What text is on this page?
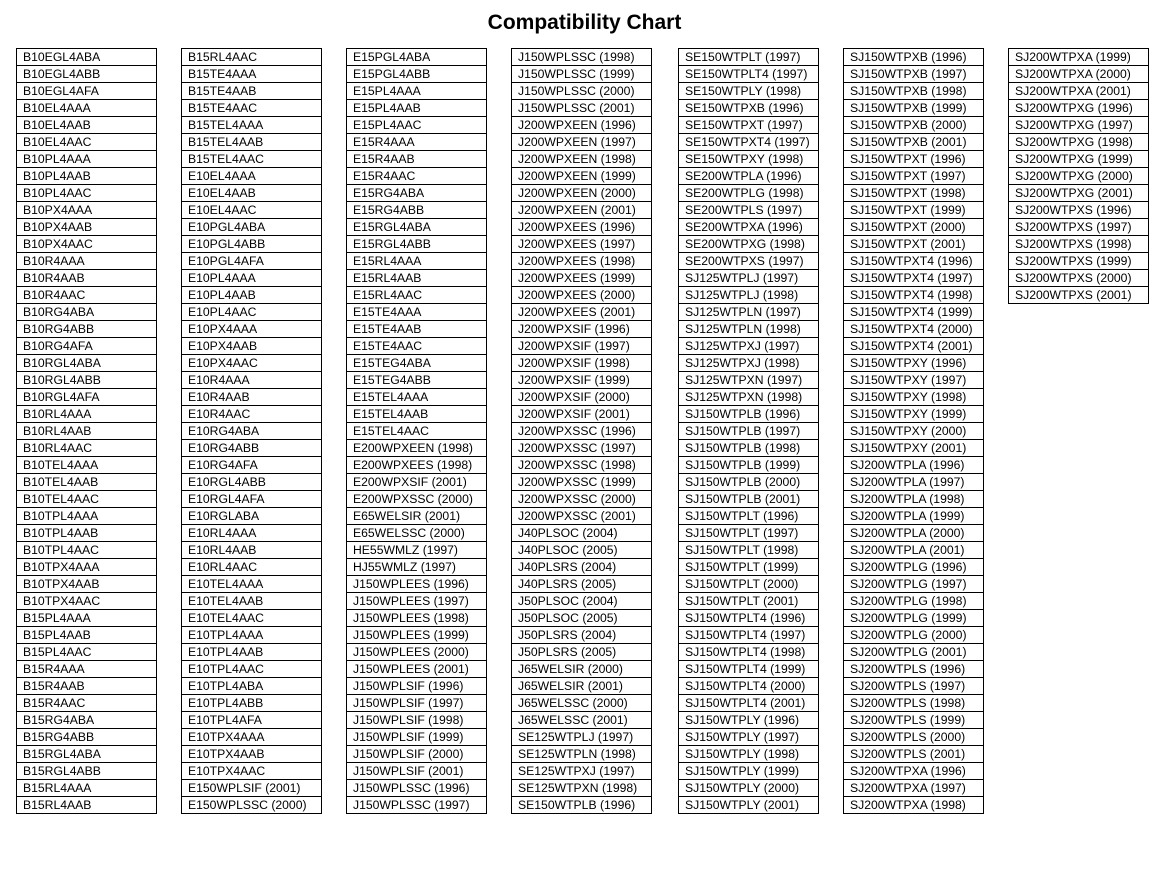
Compatibility Chart
B10EGL4ABA
B10EGL4ABB
B10EGL4AFA
B10EL4AAA
B10EL4AAB
B10EL4AAC
B10PL4AAA
B10PL4AAB
B10PL4AAC
B10PX4AAA
B10PX4AAB
B10PX4AAC
B10R4AAA
B10R4AAB
B10R4AAC
B10RG4ABA
B10RG4ABB
B10RG4AFA
B10RGL4ABA
B10RGL4ABB
B10RGL4AFA
B10RL4AAA
B10RL4AAB
B10RL4AAC
B10TEL4AAA
B10TEL4AAB
B10TEL4AAC
B10TPL4AAA
B10TPL4AAB
B10TPL4AAC
B10TPX4AAA
B10TPX4AAB
B10TPX4AAC
B15PL4AAA
B15PL4AAB
B15PL4AAC
B15R4AAA
B15R4AAB
B15R4AAC
B15RG4ABA
B15RG4ABB
B15RGL4ABA
B15RGL4ABB
B15RL4AAA
B15RL4AAB
B15RL4AAC
B15TE4AAA
B15TE4AAB
B15TE4AAC
B15TEL4AAA
B15TEL4AAB
B15TEL4AAC
E10EL4AAA
E10EL4AAB
E10EL4AAC
E10PGL4ABA
E10PGL4ABB
E10PGL4AFA
E10PL4AAA
E10PL4AAB
E10PL4AAC
E10PX4AAA
E10PX4AAB
E10PX4AAC
E10R4AAA
E10R4AAB
E10R4AAC
E10RG4ABA
E10RG4ABB
E10RG4AFA
E10RGL4ABB
E10RGL4AFA
E10RGLABA
E10RL4AAA
E10RL4AAB
E10RL4AAC
E10TEL4AAA
E10TEL4AAB
E10TEL4AAC
E10TPL4AAA
E10TPL4AAB
E10TPL4AAC
E10TPL4ABA
E10TPL4ABB
E10TPL4AFA
E10TPX4AAA
E10TPX4AAB
E10TPX4AAC
E150WPLSIF (2001)
E150WPLSSC (2000)
E15PGL4ABA
E15PGL4ABB
E15PL4AAA
E15PL4AAB
E15PL4AAC
E15R4AAA
E15R4AAB
E15R4AAC
E15RG4ABA
E15RG4ABB
E15RGL4ABA
E15RGL4ABB
E15RL4AAA
E15RL4AAB
E15RL4AAC
E15TE4AAA
E15TE4AAB
E15TE4AAC
E15TEG4ABA
E15TEG4ABB
E15TEL4AAA
E15TEL4AAB
E15TEL4AAC
E200WPXEEN (1998)
E200WPXEES (1998)
E200WPXSIF (2001)
E200WPXSSC (2000)
E65WELSIR (2001)
E65WELSSC (2000)
HE55WMLZ (1997)
HJ55WMLZ (1997)
J150WPLEES (1996)
J150WPLEES (1997)
J150WPLEES (1998)
J150WPLEES (1999)
J150WPLEES (2000)
J150WPLEES (2001)
J150WPLSIF (1996)
J150WPLSIF (1997)
J150WPLSIF (1998)
J150WPLSIF (1999)
J150WPLSIF (2000)
J150WPLSIF (2001)
J150WPLSSC (1996)
J150WPLSSC (1997)
J150WPLSSC (1998)
J150WPLSSC (1999)
J150WPLSSC (2000)
J150WPLSSC (2001)
J200WPXEEN (1996)
J200WPXEEN (1997)
J200WPXEEN (1998)
J200WPXEEN (1999)
J200WPXEEN (2000)
J200WPXEEN (2001)
J200WPXEES (1996)
J200WPXEES (1997)
J200WPXEES (1998)
J200WPXEES (1999)
J200WPXEES (2000)
J200WPXEES (2001)
J200WPXSIF (1996)
J200WPXSIF (1997)
J200WPXSIF (1998)
J200WPXSIF (1999)
J200WPXSIF (2000)
J200WPXSIF (2001)
J200WPXSSC (1996)
J200WPXSSC (1997)
J200WPXSSC (1998)
J200WPXSSC (1999)
J200WPXSSC (2000)
J200WPXSSC (2001)
J40PLSOC (2004)
J40PLSOC (2005)
J40PLSRS (2004)
J40PLSRS (2005)
J50PLSOC (2004)
J50PLSOC (2005)
J50PLSRS (2004)
J50PLSRS (2005)
J65WELSIR (2000)
J65WELSIR (2001)
J65WELSSC (2000)
J65WELSSC (2001)
SE125WTPLJ (1997)
SE125WTPLN (1998)
SE125WTPXJ (1997)
SE125WTPXN (1998)
SE150WTPLB (1996)
SE150WTPLT (1997)
SE150WTPLT4 (1997)
SE150WTPLY (1998)
SE150WTPXB (1996)
SE150WTPXT (1997)
SE150WTPXT4 (1997)
SE150WTPXY (1998)
SE200WTPLA (1996)
SE200WTPLG (1998)
SE200WTPLS (1997)
SE200WTPXA (1996)
SE200WTPXG (1998)
SE200WTPXS (1997)
SJ125WTPLJ (1997)
SJ125WTPLJ (1998)
SJ125WTPLN (1997)
SJ125WTPLN (1998)
SJ125WTPXJ (1997)
SJ125WTPXJ (1998)
SJ125WTPXN (1997)
SJ125WTPXN (1998)
SJ150WTPLB (1996)
SJ150WTPLB (1997)
SJ150WTPLB (1998)
SJ150WTPLB (1999)
SJ150WTPLB (2000)
SJ150WTPLB (2001)
SJ150WTPLT (1996)
SJ150WTPLT (1997)
SJ150WTPLT (1998)
SJ150WTPLT (1999)
SJ150WTPLT (2000)
SJ150WTPLT (2001)
SJ150WTPLT4 (1996)
SJ150WTPLT4 (1997)
SJ150WTPLT4 (1998)
SJ150WTPLT4 (1999)
SJ150WTPLT4 (2000)
SJ150WTPLT4 (2001)
SJ150WTPLY (1996)
SJ150WTPLY (1997)
SJ150WTPLY (1998)
SJ150WTPLY (1999)
SJ150WTPLY (2000)
SJ150WTPLY (2001)
SJ150WTPXB (1996)
SJ150WTPXB (1997)
SJ150WTPXB (1998)
SJ150WTPXB (1999)
SJ150WTPXB (2000)
SJ150WTPXB (2001)
SJ150WTPXT (1996)
SJ150WTPXT (1997)
SJ150WTPXT (1998)
SJ150WTPXT (1999)
SJ150WTPXT (2000)
SJ150WTPXT (2001)
SJ150WTPXT4 (1996)
SJ150WTPXT4 (1997)
SJ150WTPXT4 (1998)
SJ150WTPXT4 (1999)
SJ150WTPXT4 (2000)
SJ150WTPXT4 (2001)
SJ150WTPXY (1996)
SJ150WTPXY (1997)
SJ150WTPXY (1998)
SJ150WTPXY (1999)
SJ150WTPXY (2000)
SJ150WTPXY (2001)
SJ200WTPLA (1996)
SJ200WTPLA (1997)
SJ200WTPLA (1998)
SJ200WTPLA (1999)
SJ200WTPLA (2000)
SJ200WTPLA (2001)
SJ200WTPLG (1996)
SJ200WTPLG (1997)
SJ200WTPLG (1998)
SJ200WTPLG (1999)
SJ200WTPLG (2000)
SJ200WTPLG (2001)
SJ200WTPLS (1996)
SJ200WTPLS (1997)
SJ200WTPLS (1998)
SJ200WTPLS (1999)
SJ200WTPLS (2000)
SJ200WTPLS (2001)
SJ200WTPXA (1996)
SJ200WTPXA (1997)
SJ200WTPXA (1998)
SJ200WTPXA (1999)
SJ200WTPXA (2000)
SJ200WTPXA (2001)
SJ200WTPXG (1996)
SJ200WTPXG (1997)
SJ200WTPXG (1998)
SJ200WTPXG (1999)
SJ200WTPXG (2000)
SJ200WTPXG (2001)
SJ200WTPXS (1996)
SJ200WTPXS (1997)
SJ200WTPXS (1998)
SJ200WTPXS (1999)
SJ200WTPXS (2000)
SJ200WTPXS (2001)
